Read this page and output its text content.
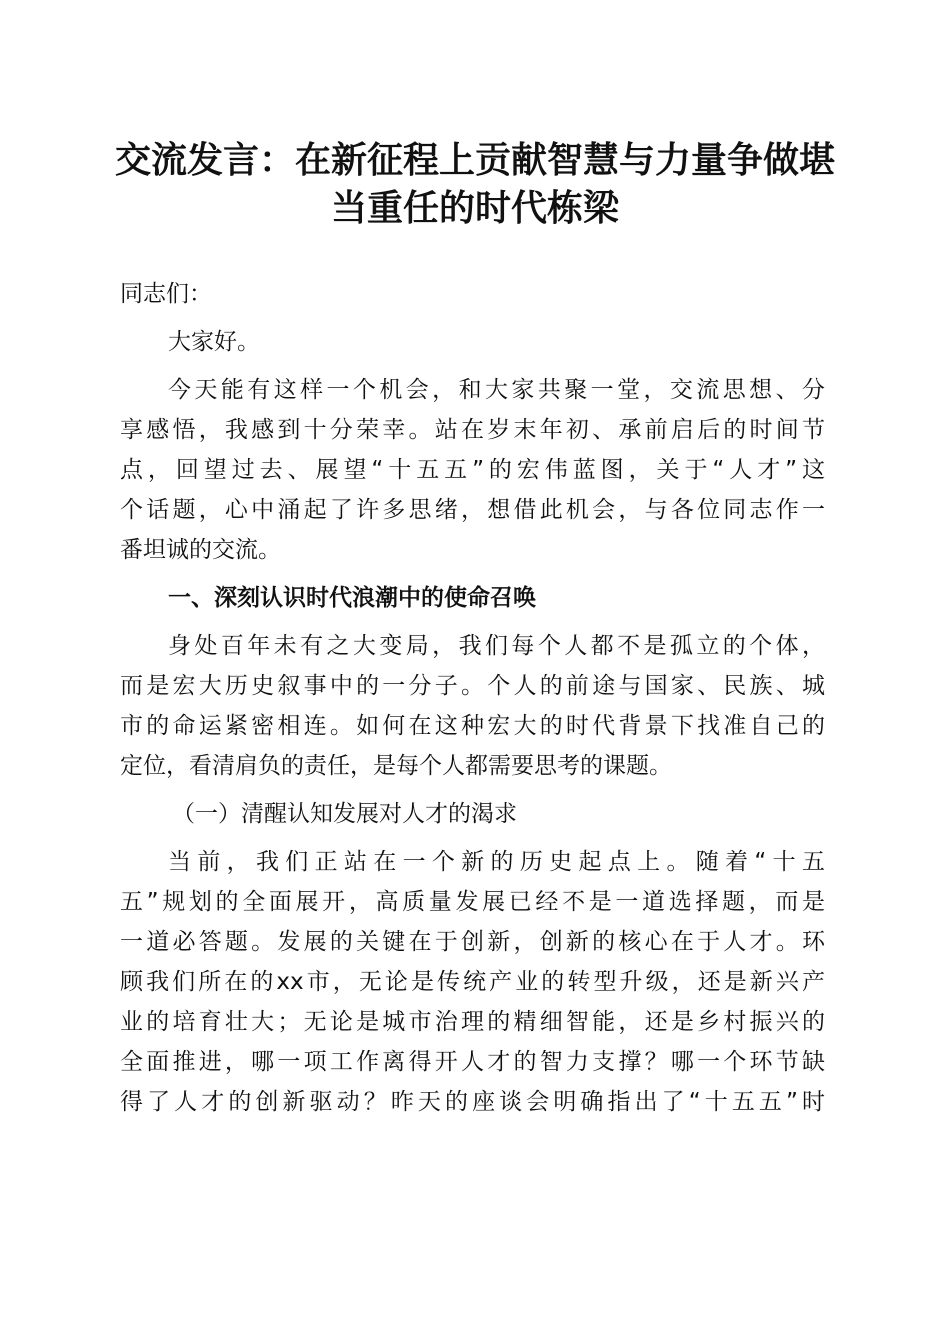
交流发言：在新征程上贡献智慧与力量争做堪
当重任的时代栋梁
同志们：
大家好。
今天能有这样一个机会，和大家共聚一堂，交流思想、分
享感悟，我感到十分荣幸。站在岁末年初、承前启后的时间节
点，回望过去、展望“十五五”的宏伟蓝图，关于“人才”这
个话题，心中涌起了许多思绪，想借此机会，与各位同志作一
番坦诚的交流。
一、深刻认识时代浪潮中的使命召唤
身处百年未有之大变局，我们每个人都不是孤立的个体，
而是宏大历史叙事中的一分子。个人的前途与国家、民族、城
市的命运紧密相连。如何在这种宏大的时代背景下找准自己的
定位，看清肩负的责任，是每个人都需要思考的课题。
（一）清醒认知发展对人才的渴求
当前，我们正站在一个新的历史起点上。随着“十五
五”规划的全面展开，高质量发展已经不是一道选择题，而是
一道必答题。发展的关键在于创新，创新的核心在于人才。环
顾我们所在的xx市，无论是传统产业的转型升级，还是新兴产
业的培育壮大；无论是城市治理的精细智能，还是乡村振兴的
全面推进，哪一项工作离得开人才的智力支撑？哪一个环节缺
得了人才的创新驱动？昨天的座谈会明确指出了“十五五”时
